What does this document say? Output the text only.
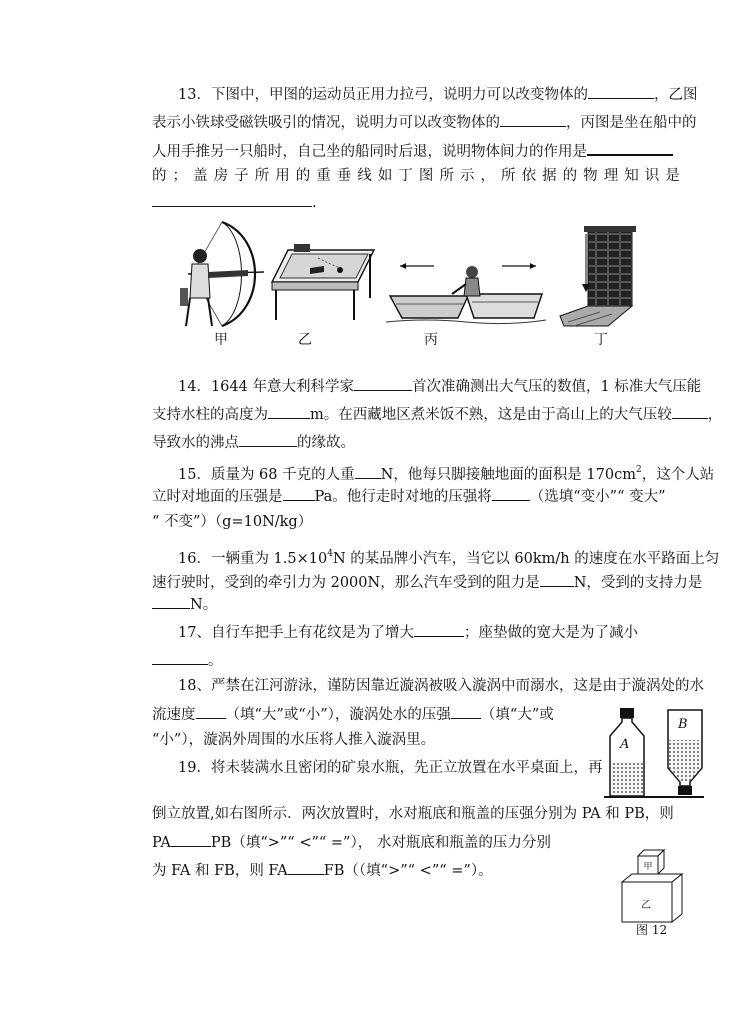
13．下图中，甲图的运动员正用力拉弓，说明力可以改变物体的	，乙图
表示小铁球受磁铁吸引的情况，说明力可以改变物体的	，丙图是坐在船中的
人用手推另一只船时，自己坐的船同时后退，说明物体间力的作用是
的 ； 盖 房 子 所 用 的 重 垂 线 如 丁 图 所 示 ， 所 依 据 的 物 理 知 识 是
.
甲	乙	丙	丁
14．1644 年意大利科学家	首次准确测出大气压的数值，1 标准大气压能
支持水柱的高度为	m。在西藏地区煮米饭不熟，这是由于高山上的大气压较 ，
导致水的沸点	的缘故。
15．质量为 68 千克的人重 N，他每只脚接触地面的面积是 $170cm^2$，这个人站
立时对地面的压强是 Pa。他行走时对地的压强将	（选填“变小”“ 变大”
“ 不变”）（g=10N/kg）
16．一辆重为 $1.5\times 10^4N$ 的某品牌小汽车，当它以 60km/h 的速度在水平路面上匀
速行驶时，受到的牵引力为 2000N，那么汽车受到的阻力是 N，受到的支持力是
N。
17、自行车把手上有花纹是为了增大	；座垫做的宽大是为了减小
。
18、严禁在江河游泳，谨防因靠近漩涡被吸入漩涡中而溺水，这是由于漩涡处的水
流速度 （填“大”或“小”），漩涡处水的压强 （填“大”或
“小”），漩涡外周围的水压将人推入漩涡里。
19．将未装满水且密闭的矿泉水瓶，先正立放置在水平桌面上，再
倒立放置,如右图所示．两次放置时，水对瓶底和瓶盖的压强分别为 PA 和 PB，则
PA	PB（填“>”“ <”“ =”）， 水对瓶底和瓶盖的压力分别
为 FA 和 FB，则 FA FB（（填“>”“ <”“ =”）。
A
B
甲
乙
图 12
